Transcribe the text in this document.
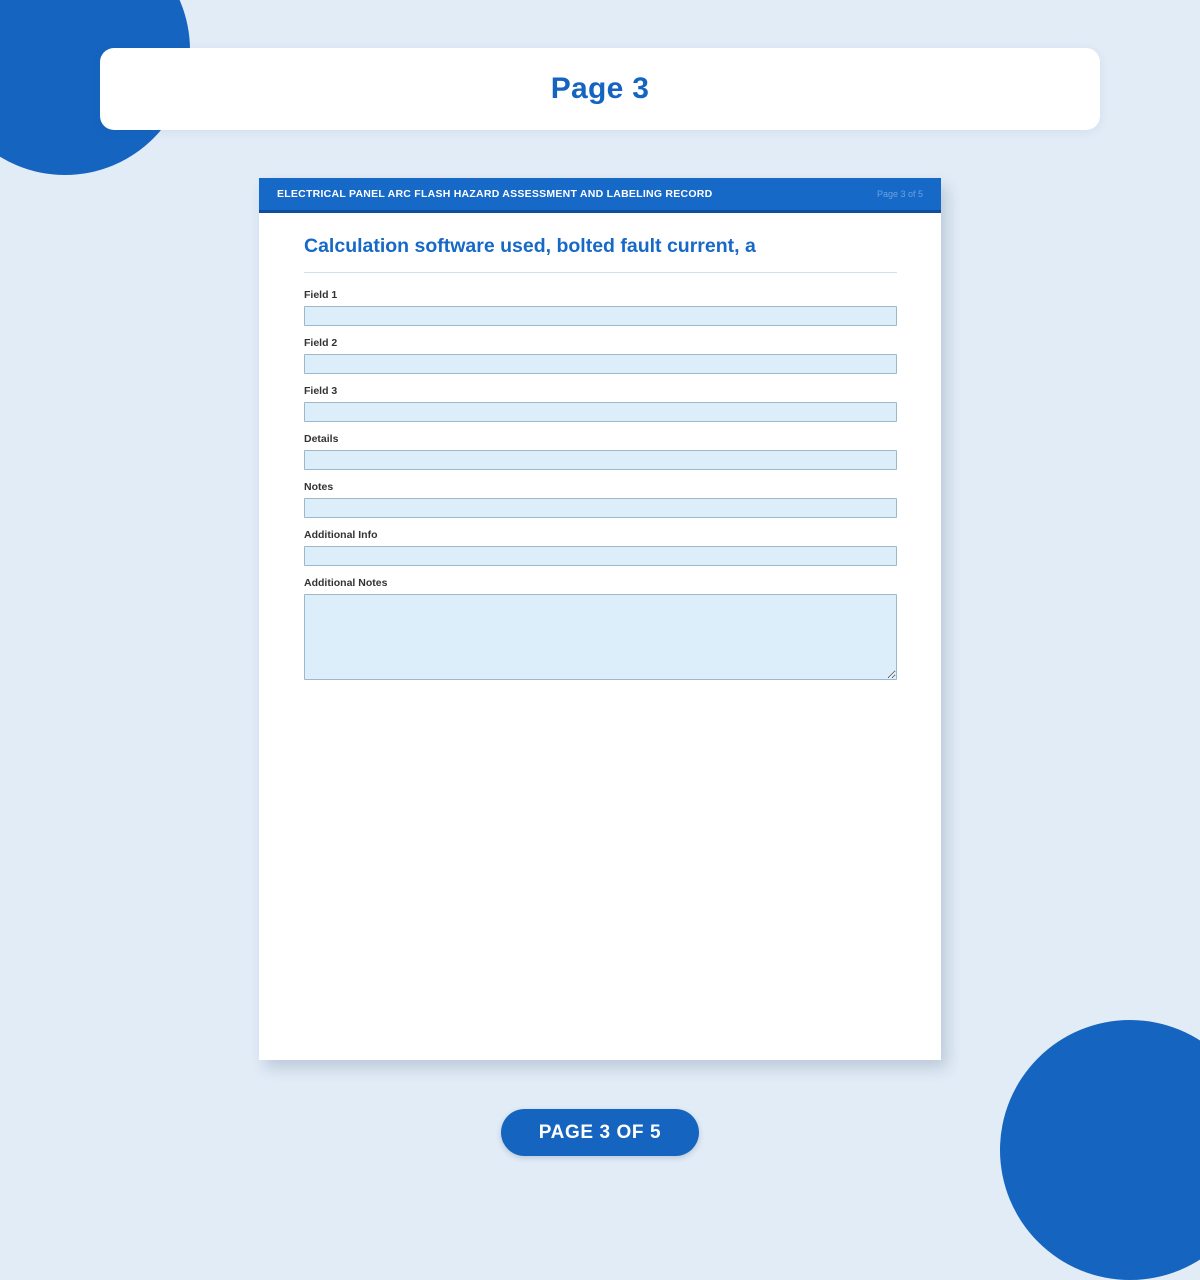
Page 3
ELECTRICAL PANEL ARC FLASH HAZARD ASSESSMENT AND LABELING RECORD	Page 3 of 5
Calculation software used, bolted fault current, a
Field 1
Field 2
Field 3
Details
Notes
Additional Info
Additional Notes
PAGE 3 OF 5
